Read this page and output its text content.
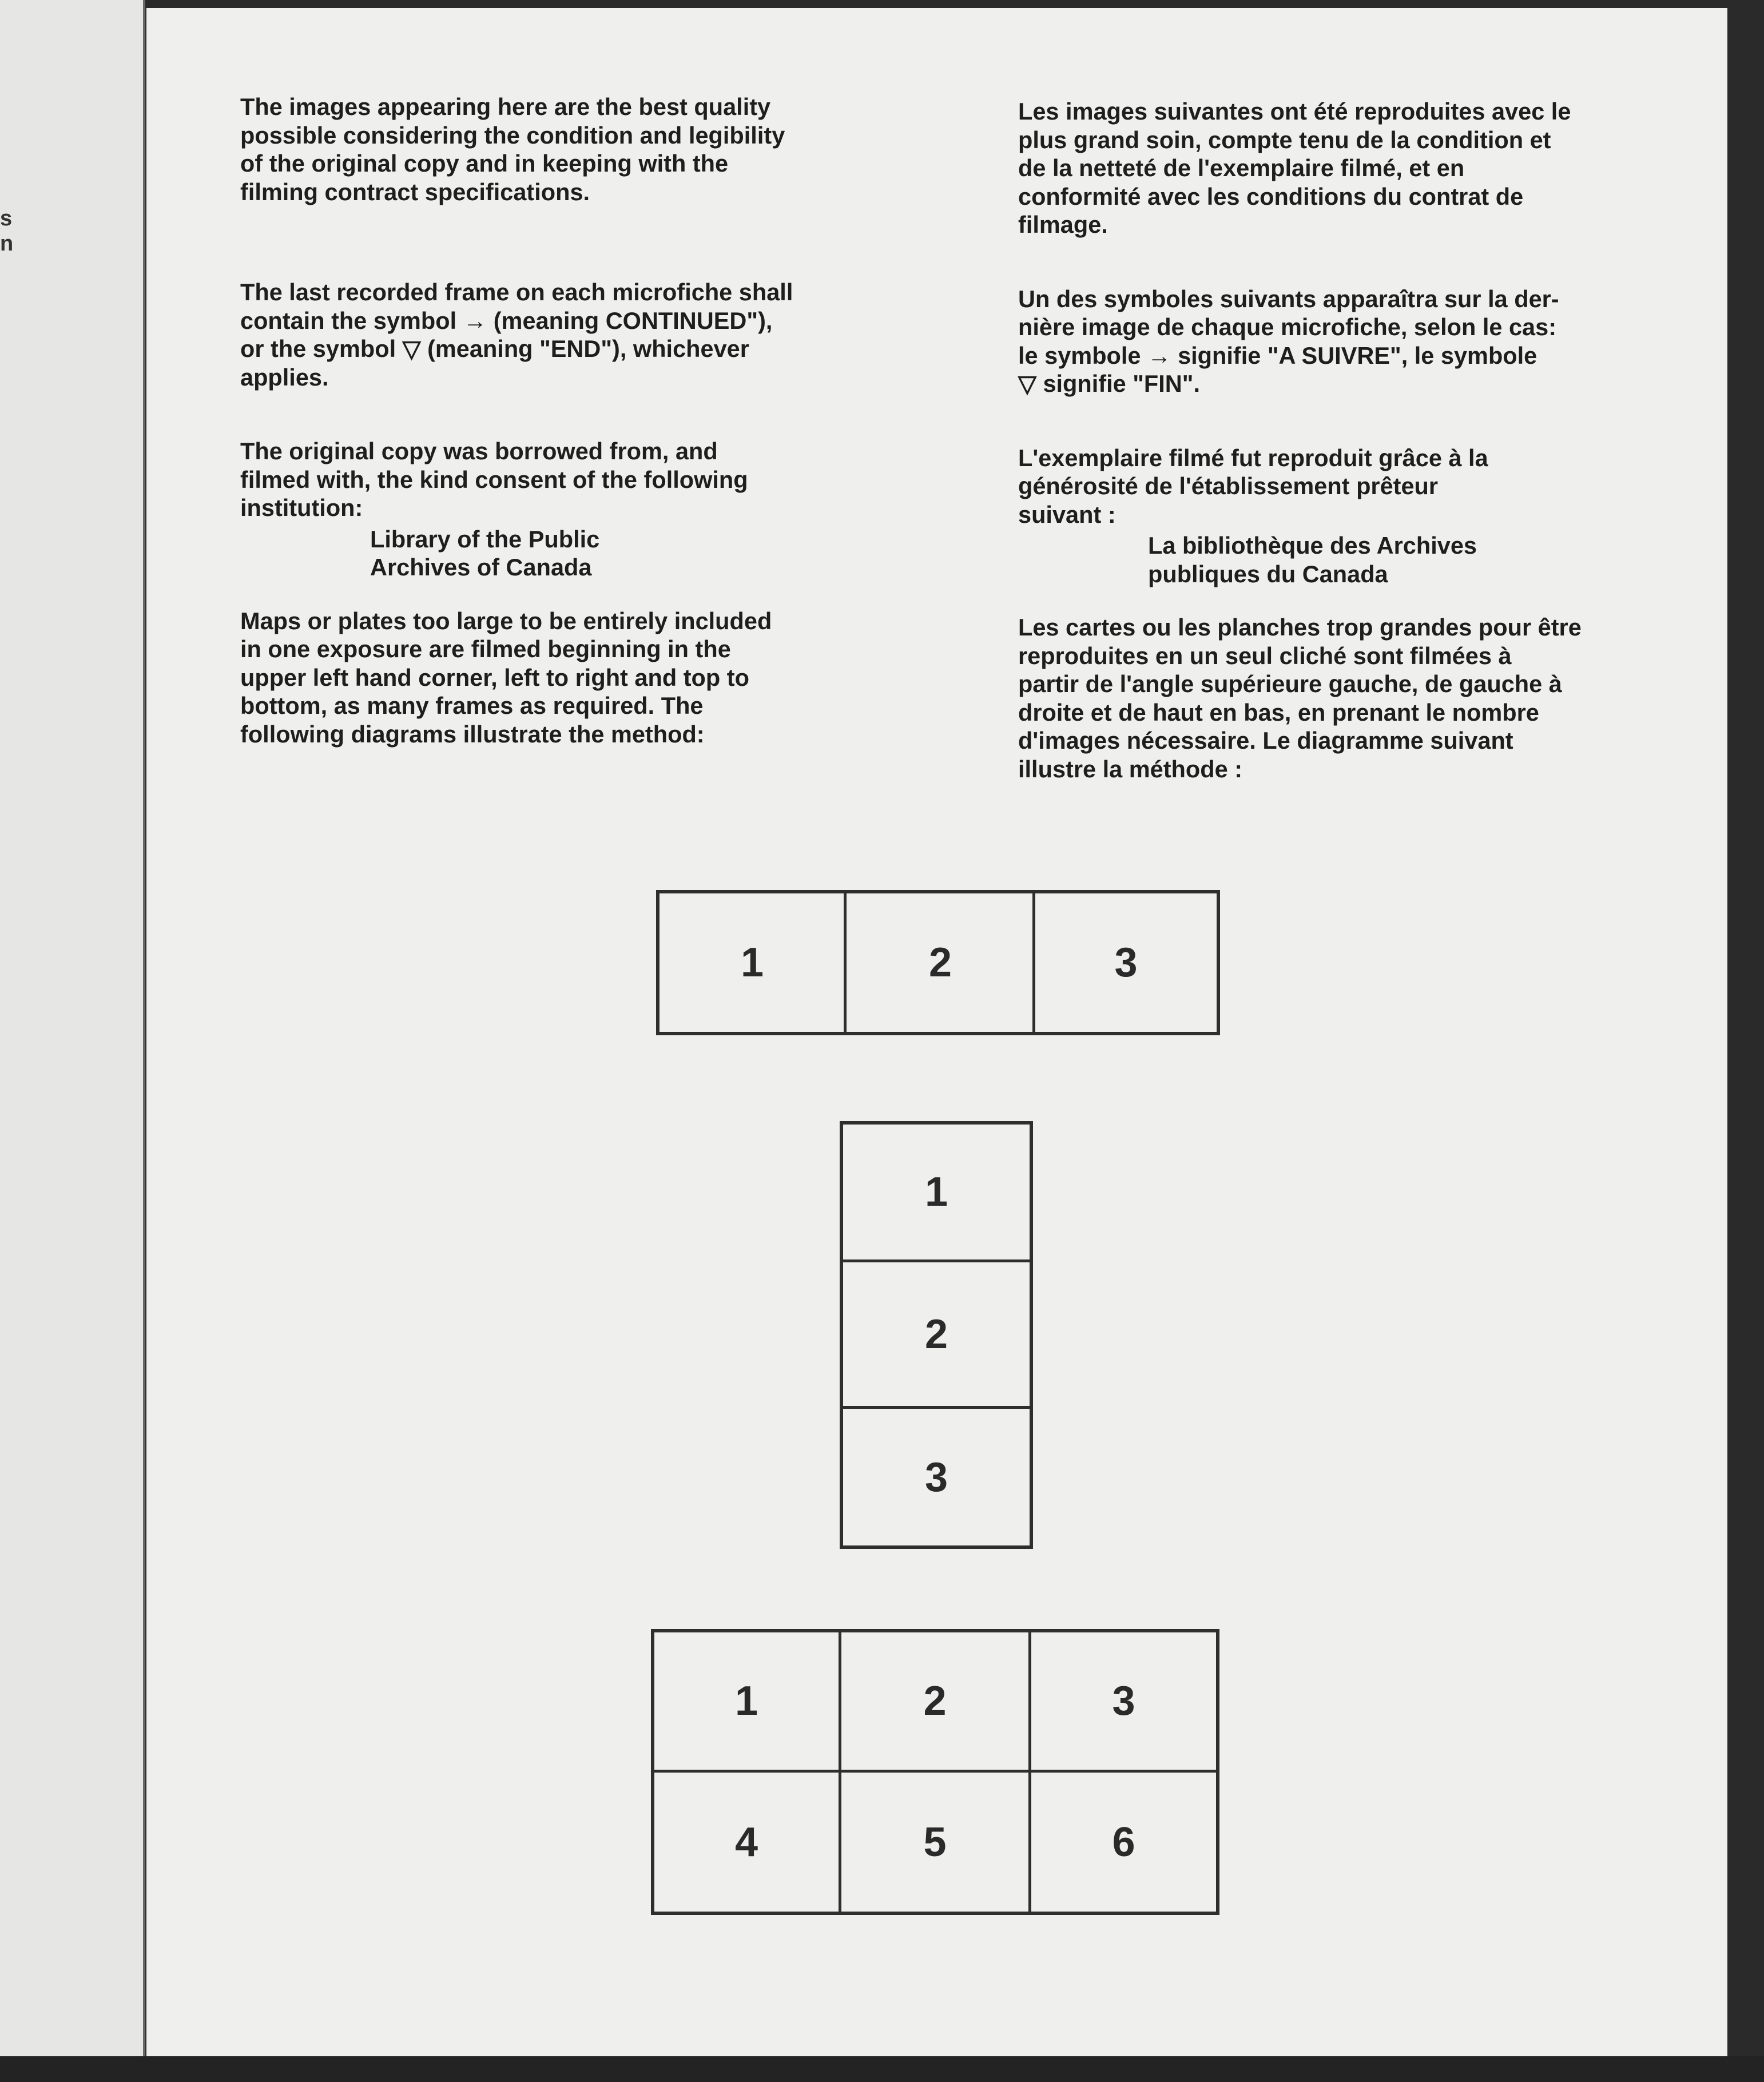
s
n

The images appearing here are the best quality
possible considering the condition and legibility
of the original copy and in keeping with the
filming contract specifications.

The last recorded frame on each microfiche shall
contain the symbol → (meaning CONTINUED"),
or the symbol ▽ (meaning "END"), whichever
applies.

The original copy was borrowed from, and
filmed with, the kind consent of the following
institution:

Library of the Public
Archives of Canada

Maps or plates too large to be entirely included
in one exposure are filmed beginning in the
upper left hand corner, left to right and top to
bottom, as many frames as required. The
following diagrams illustrate the method:

Les images suivantes ont été reproduites avec le
plus grand soin, compte tenu de la condition et
de la netteté de l'exemplaire filmé, et en
conformité avec les conditions du contrat de
filmage.

Un des symboles suivants apparaîtra sur la der-
nière image de chaque microfiche, selon le cas:
le symbole → signifie "A SUIVRE", le symbole
▽ signifie "FIN".

L'exemplaire filmé fut reproduit grâce à la
générosité de l'établissement prêteur
suivant :

La bibliothèque des Archives
publiques du Canada

Les cartes ou les planches trop grandes pour être
reproduites en un seul cliché sont filmées à
partir de l'angle supérieure gauche, de gauche à
droite et de haut en bas, en prenant le nombre
d'images nécessaire. Le diagramme suivant
illustre la méthode :

1	2	3
1
2
3
1	2	3
4	5	6
